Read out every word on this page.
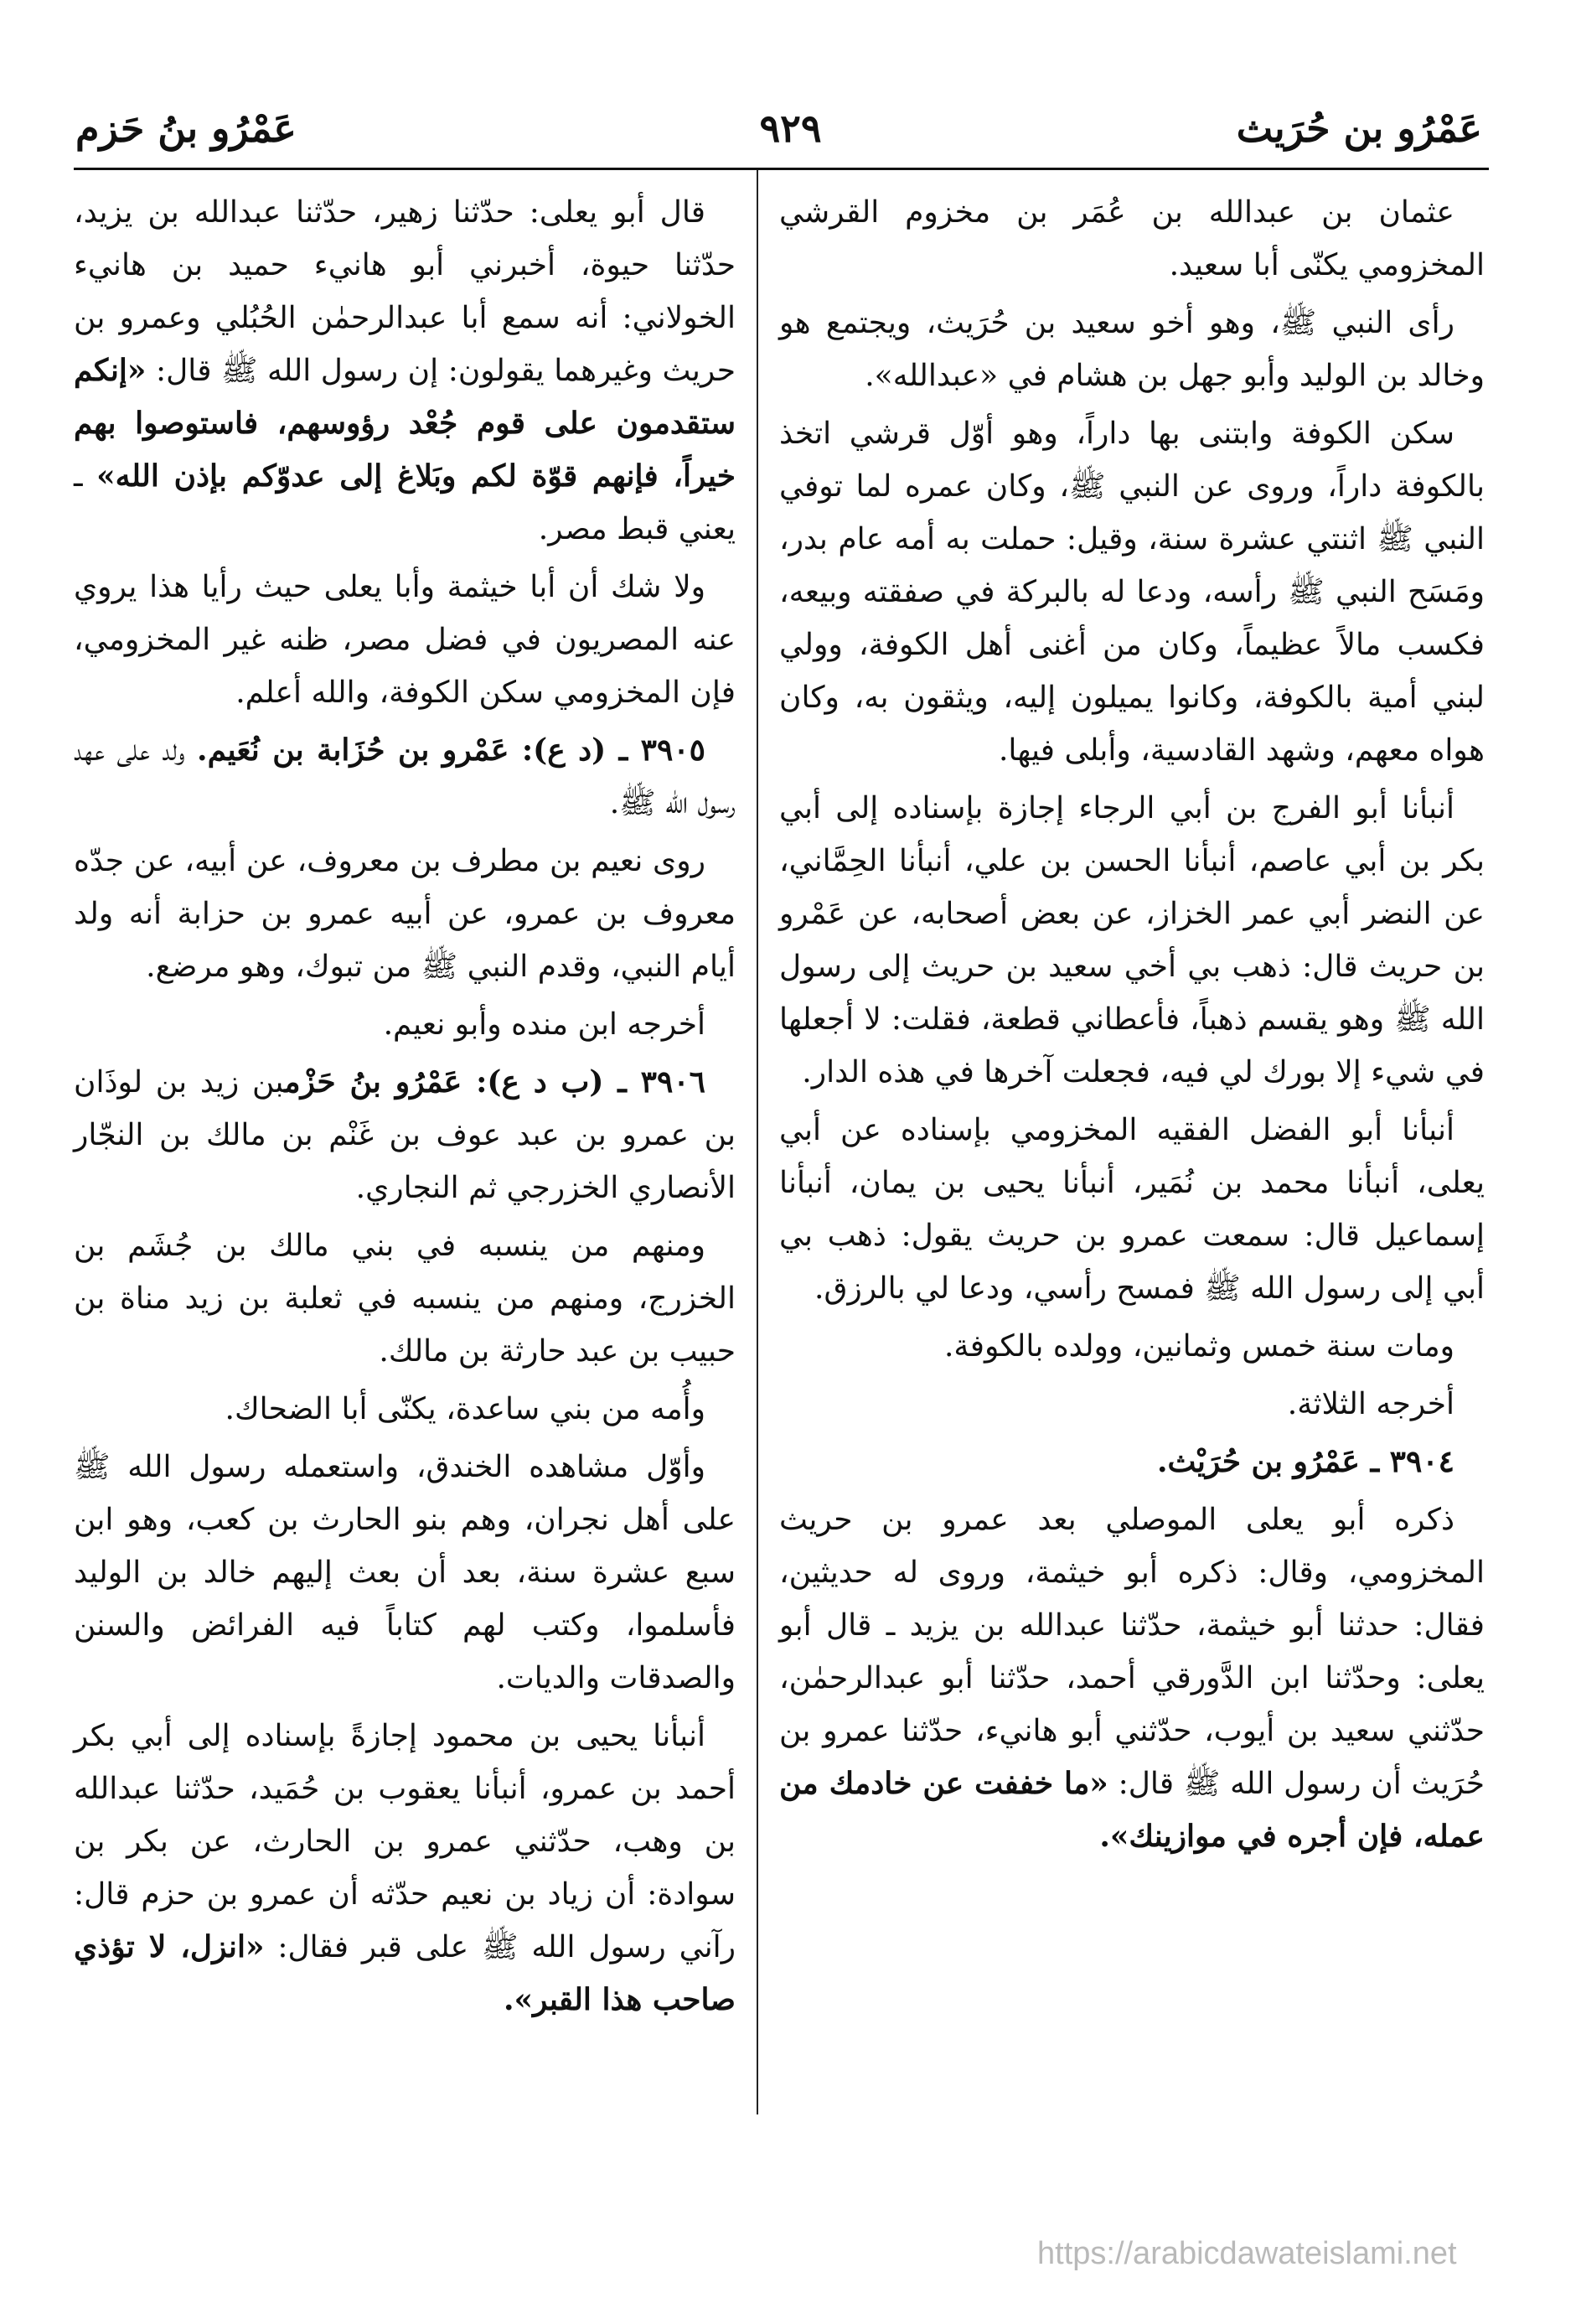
عَمْرُو بن حُرَيث
٩٢٩
عَمْرُو بنُ حَزم

عثمان بن عبدالله بن عُمَر بن مخزوم القرشي المخزومي يكنّى أبا سعيد.

رأى النبي ﷺ، وهو أخو سعيد بن حُرَيث، ويجتمع هو وخالد بن الوليد وأبو جهل بن هشام في «عبدالله».

سكن الكوفة وابتنى بها داراً، وهو أوّل قرشي اتخذ بالكوفة داراً، وروى عن النبي ﷺ، وكان عمره لما توفي النبي ﷺ اثنتي عشرة سنة، وقيل: حملت به أمه عام بدر، ومَسَح النبي ﷺ رأسه، ودعا له بالبركة في صفقته وبيعه، فكسب مالاً عظيماً، وكان من أغنى أهل الكوفة، وولي لبني أمية بالكوفة، وكانوا يميلون إليه، ويثقون به، وكان هواه معهم، وشهد القادسية، وأبلى فيها.

أنبأنا أبو الفرج بن أبي الرجاء إجازة بإسناده إلى أبي بكر بن أبي عاصم، أنبأنا الحسن بن علي، أنبأنا الحِمَّاني، عن النضر أبي عمر الخزاز، عن بعض أصحابه، عن عَمْرو بن حريث قال: ذهب بي أخي سعيد بن حريث إلى رسول الله ﷺ وهو يقسم ذهباً، فأعطاني قطعة، فقلت: لا أجعلها في شيء إلا بورك لي فيه، فجعلت آخرها في هذه الدار.

أنبأنا أبو الفضل الفقيه المخزومي بإسناده عن أبي يعلى، أنبأنا محمد بن نُمَير، أنبأنا يحيى بن يمان، أنبأنا إسماعيل قال: سمعت عمرو بن حريث يقول: ذهب بي أبي إلى رسول الله ﷺ فمسح رأسي، ودعا لي بالرزق.

ومات سنة خمس وثمانين، وولده بالكوفة.

أخرجه الثلاثة.

٣٩٠٤ ـ عَمْرُو بن حُرَيْث.

ذكره أبو يعلى الموصلي بعد عمرو بن حريث المخزومي، وقال: ذكره أبو خيثمة، وروى له حديثين، فقال: حدثنا أبو خيثمة، حدّثنا عبدالله بن يزيد ـ قال أبو يعلى: وحدّثنا ابن الدَّورقي أحمد، حدّثنا أبو عبدالرحمٰن، حدّثني سعيد بن أيوب، حدّثني أبو هانيء، حدّثنا عمرو بن حُرَيث أن رسول الله ﷺ قال: «ما خففت عن خادمك من عمله، فإن أجره في موازينك».

قال أبو يعلى: حدّثنا زهير، حدّثنا عبدالله بن يزيد، حدّثنا حيوة، أخبرني أبو هانيء حميد بن هانيء الخولاني: أنه سمع أبا عبدالرحمٰن الحُبُلي وعمرو بن حريث وغيرهما يقولون: إن رسول الله ﷺ قال: «إنكم ستقدمون على قوم جُعْد رؤوسهم، فاستوصوا بهم خيراً، فإنهم قوّة لكم وبَلاغ إلى عدوّكم بإذن الله» ـ يعني قبط مصر.

ولا شك أن أبا خيثمة وأبا يعلى حيث رأيا هذا يروي عنه المصريون في فضل مصر، ظنه غير المخزومي، فإن المخزومي سكن الكوفة، والله أعلم.

٣٩٠٥ ـ (د ع): عَمْرو بن حُزَابة بن نُعَيم. ولد على عهد رسول الله ﷺ.

روى نعيم بن مطرف بن معروف، عن أبيه، عن جدّه معروف بن عمرو، عن أبيه عمرو بن حزابة أنه ولد أيام النبي، وقدم النبي ﷺ من تبوك، وهو مرضع.

أخرجه ابن منده وأبو نعيم.

٣٩٠٦ ـ (ب د ع): عَمْرُو بنُ حَزْمبن زيد بن لوذَان بن عمرو بن عبد عوف بن غَنْم بن مالك بن النجّار الأنصاري الخزرجي ثم النجاري.

ومنهم من ينسبه في بني مالك بن جُشَم بن الخزرج، ومنهم من ينسبه في ثعلبة بن زيد مناة بن حبيب بن عبد حارثة بن مالك.

وأُمه من بني ساعدة، يكنّى أبا الضحاك.

وأوّل مشاهده الخندق، واستعمله رسول الله ﷺ على أهل نجران، وهم بنو الحارث بن كعب، وهو ابن سبع عشرة سنة، بعد أن بعث إليهم خالد بن الوليد فأسلموا، وكتب لهم كتاباً فيه الفرائض والسنن والصدقات والديات.

أنبأنا يحيى بن محمود إجازةً بإسناده إلى أبي بكر أحمد بن عمرو، أنبأنا يعقوب بن حُمَيد، حدّثنا عبدالله بن وهب، حدّثني عمرو بن الحارث، عن بكر بن سوادة: أن زياد بن نعيم حدّثه أن عمرو بن حزم قال: رآني رسول الله ﷺ على قبر فقال: «انزل، لا تؤذي صاحب هذا القبر».

https://arabicdawateislami.net
